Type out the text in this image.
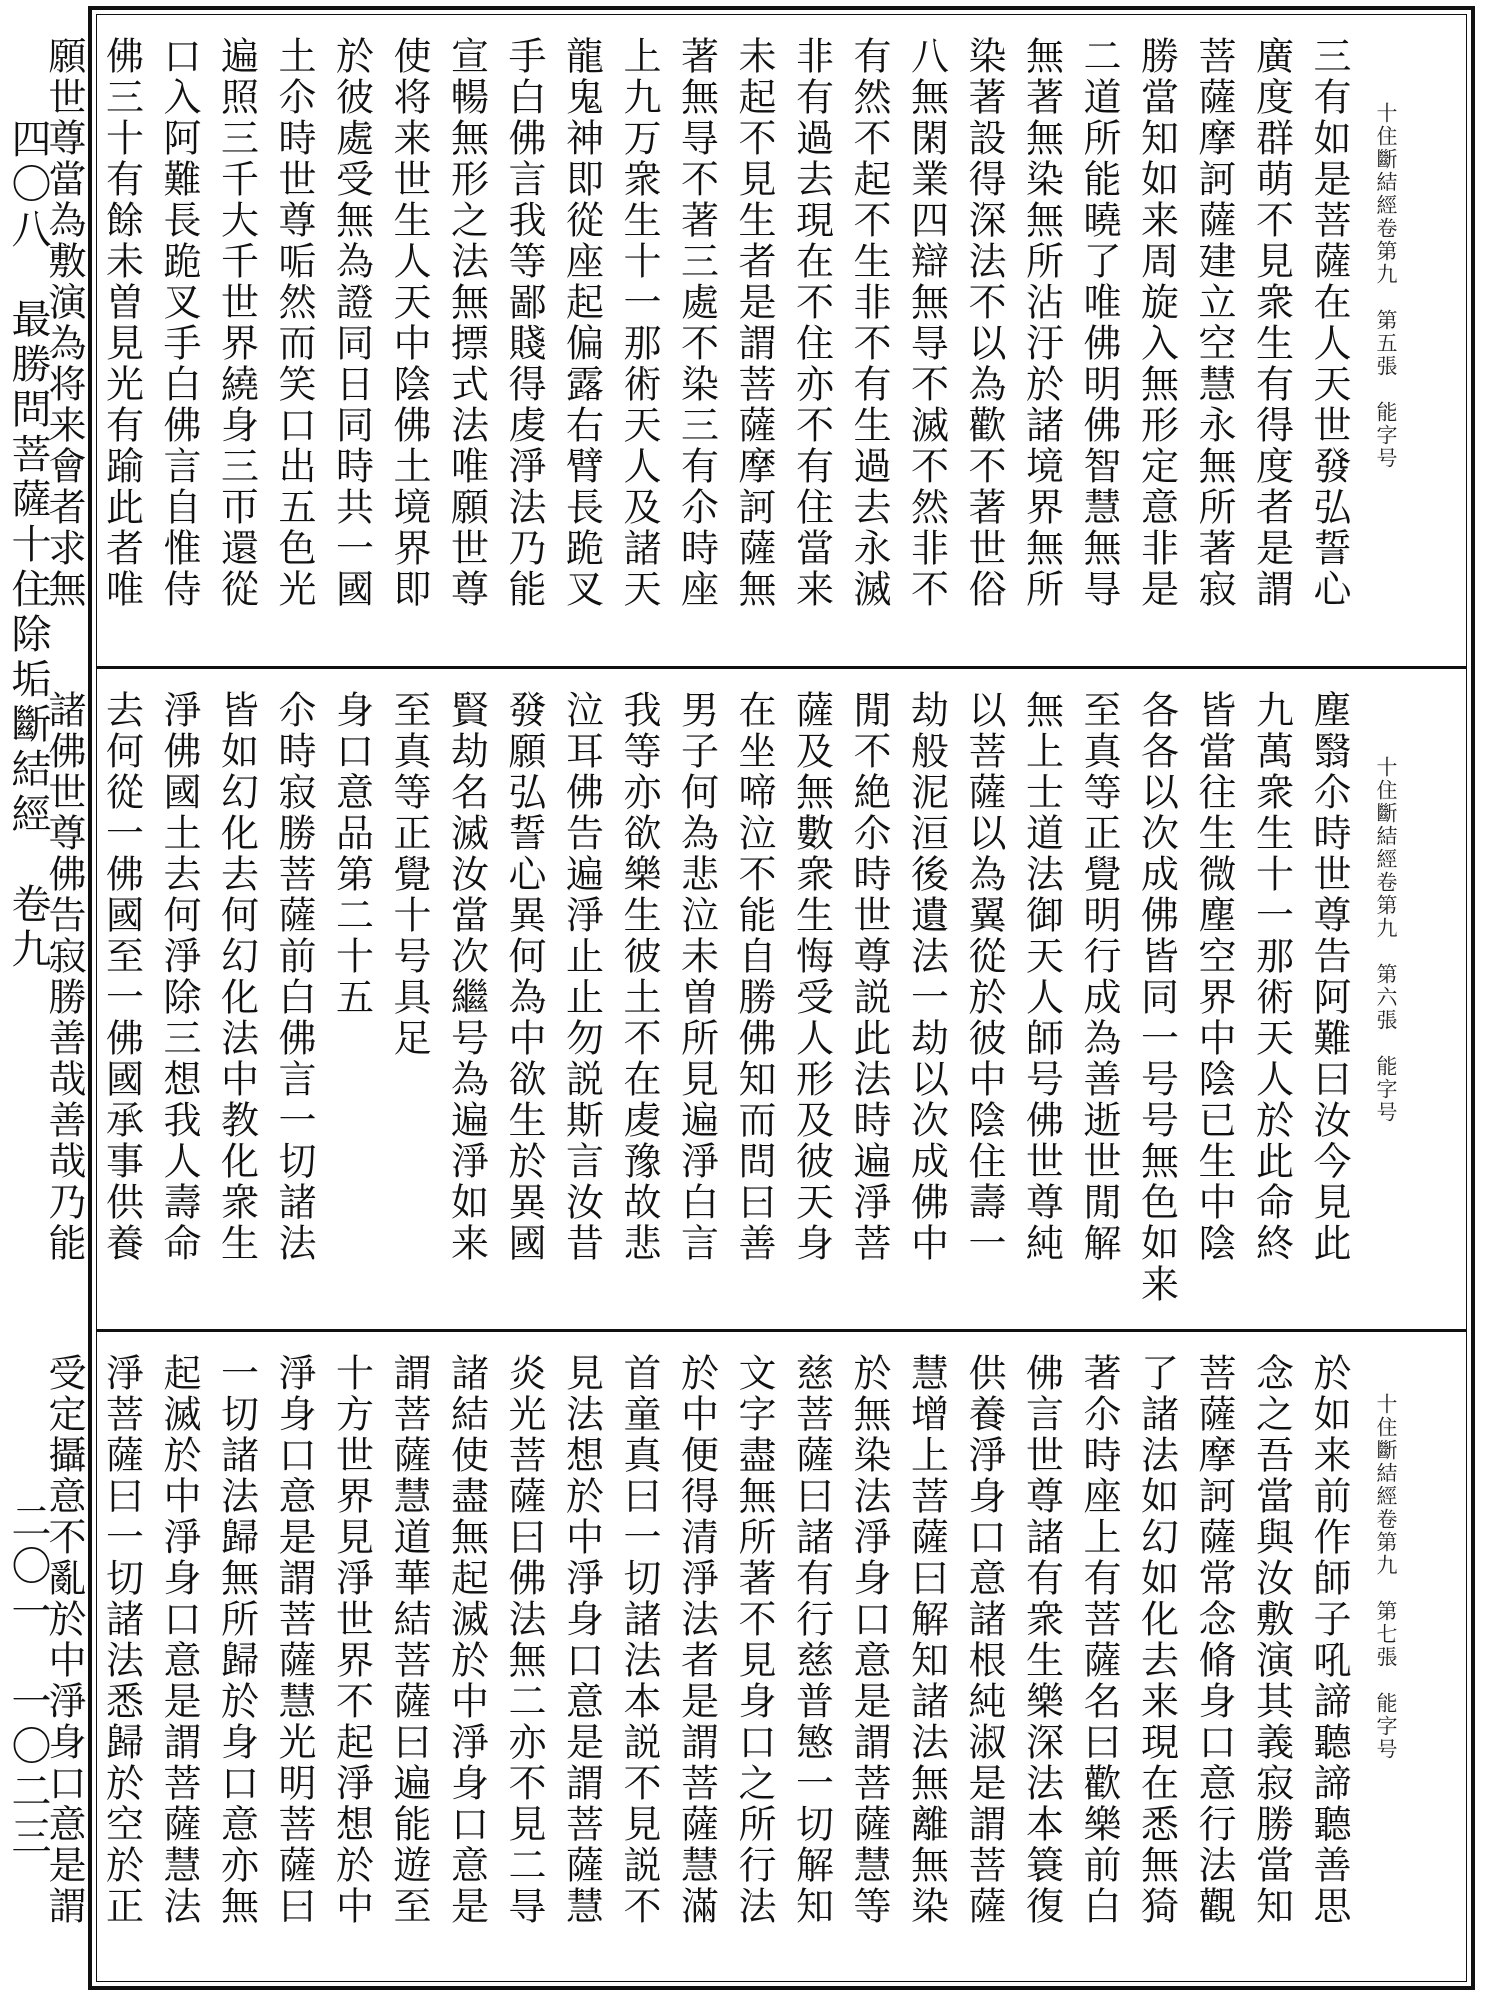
四〇八　最勝問菩薩十住除垢斷結經　卷九
二〇一　一〇二三
十住斷結經卷第九　第五張　能字号
三有如是菩薩在人天世發弘誓心
廣度群萌不見衆生有得度者是謂
菩薩摩訶薩建立空慧永無所著寂
勝當知如来周旋入無形定意非是
二道所能曉了唯佛明佛智慧無㝵
無著無染無所沾汙於諸境界無所
染著設得深法不以為歡不著世俗
八無閑業四辯無㝵不滅不然非不
有然不起不生非不有生過去永滅
非有過去現在不住亦不有住當来
未起不見生者是謂菩薩摩訶薩無
著無㝵不著三處不染三有尒時座
上九万衆生十一那術天人及諸天
龍鬼神即從座起偏露右臂長跪叉
手白佛言我等鄙賤得䖍淨法乃能
宣暢無形之法無摽式法唯願世尊
使将来世生人天中陰佛土境界即
於彼處受無為證同日同時共一國
土尒時世尊㖃然而笑口出五色光
遍照三千大千世界繞身三帀還從
口入阿難長跪叉手白佛言自惟侍
佛三十有餘未曽見光有踰此者唯
願世尊當為敷演為将来會者求無
十住斷結經卷第九　第六張　能字号
塵翳尒時世尊告阿難曰汝今見此
九萬衆生十一那術天人於此命終
皆當往生微塵空界中陰已生中陰
各各以次成佛皆同一号号無色如来
至真等正覺明行成為善逝世閒解
無上士道法御天人師号佛世尊純
以菩薩以為翼從於彼中陰住壽一
劫般泥洹後遺法一劫以次成佛中
閒不絶尒時世尊説此法時遍淨菩
薩及無數衆生悔受人形及彼天身
在坐啼泣不能自勝佛知而問曰善
男子何為悲泣未曽所見遍淨白言
我等亦欲樂生彼土不在䖍豫故悲
泣耳佛告遍淨止止勿説斯言汝昔
發願弘誓心異何為中欲生於異國
賢劫名滅汝當次繼号為遍淨如来
至真等正覺十号具足
身口意品第二十五
尒時寂勝菩薩前白佛言一切諸法
皆如幻化去何幻化法中教化衆生
淨佛國土去何淨除三想我人壽命
去何從一佛國至一佛國承事供養
諸佛世尊佛告寂勝善哉善哉乃能
十住斷結經卷第九　第七張　能字号
於如来前作師子吼諦聽諦聽善思
念之吾當與汝敷演其義寂勝當知
菩薩摩訶薩常念脩身口意行法觀
了諸法如幻如化去来現在悉無猗
著尒時座上有菩薩名曰歡樂前白
佛言世尊諸有衆生樂深法本簑復
供養淨身口意諸根純淑是謂菩薩
慧增上菩薩曰解知諸法無離無染
於無染法淨身口意是謂菩薩慧等
慈菩薩曰諸有行慈普慜一切解知
文字盡無所著不見身口之所行法
於中便得清淨法者是謂菩薩慧滿
首童真曰一切諸法本説不見説不
見法想於中淨身口意是謂菩薩慧
炎光菩薩曰佛法無二亦不見二㝵
諸結使盡無起滅於中淨身口意是
謂菩薩慧道華結菩薩曰遍能遊至
十方世界見淨世界不起淨想於中
淨身口意是謂菩薩慧光明菩薩曰
一切諸法歸無所歸於身口意亦無
起滅於中淨身口意是謂菩薩慧法
淨菩薩曰一切諸法悉歸於空於正
受定攝意不亂於中淨身口意是謂
